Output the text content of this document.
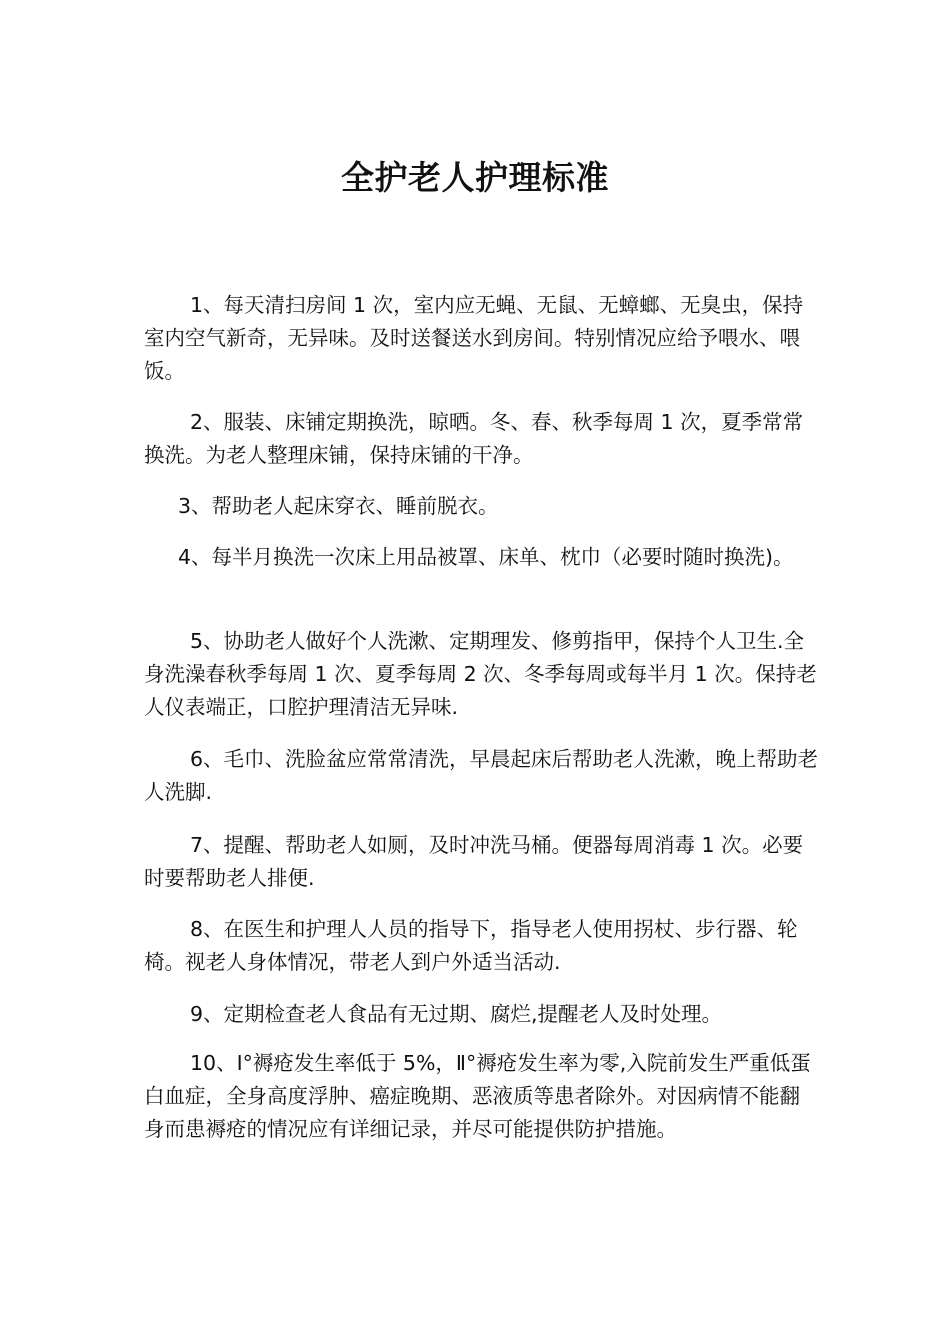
全护老人护理标准

1、每天清扫房间 1 次，室内应无蝇、无鼠、无蟑螂、无臭虫，保持室内空气新奇，无异味。及时送餐送水到房间。特别情况应给予喂水、喂饭。

2、服装、床铺定期换洗，晾晒。冬、春、秋季每周 1 次，夏季常常换洗。为老人整理床铺，保持床铺的干净。

3、帮助老人起床穿衣、睡前脱衣。

4、每半月换洗一次床上用品被罩、床单、枕巾（必要时随时换洗)。

5、协助老人做好个人洗漱、定期理发、修剪指甲，保持个人卫生.全身洗澡春秋季每周 1 次、夏季每周 2 次、冬季每周或每半月 1 次。保持老人仪表端正，口腔护理清洁无异味.

6、毛巾、洗脸盆应常常清洗，早晨起床后帮助老人洗漱，晚上帮助老人洗脚.

7、提醒、帮助老人如厕，及时冲洗马桶。便器每周消毒 1 次。必要时要帮助老人排便.

8、在医生和护理人人员的指导下，指导老人使用拐杖、步行器、轮椅。视老人身体情况，带老人到户外适当活动.

9、定期检查老人食品有无过期、腐烂,提醒老人及时处理。

10、I°褥疮发生率低于 5%，Ⅱ°褥疮发生率为零,入院前发生严重低蛋白血症，全身高度浮肿、癌症晚期、恶液质等患者除外。对因病情不能翻身而患褥疮的情况应有详细记录，并尽可能提供防护措施。
